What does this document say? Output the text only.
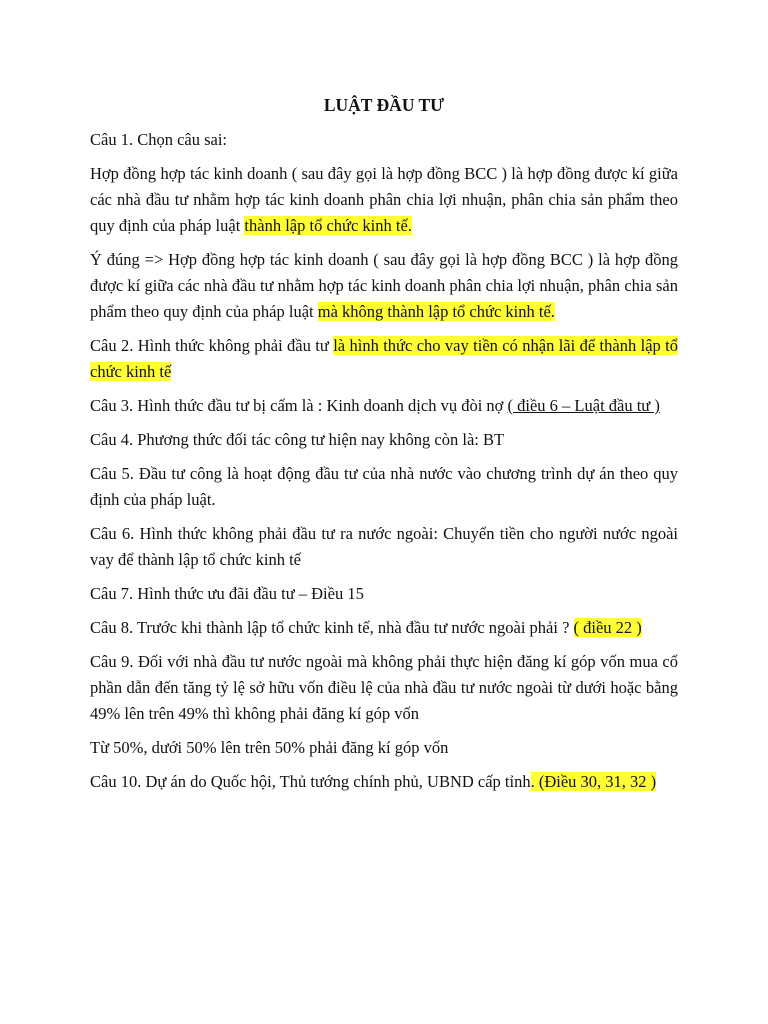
LUẬT ĐẦU TƯ

Câu 1. Chọn câu sai:

Hợp đồng hợp tác kinh doanh ( sau đây gọi là hợp đồng BCC ) là hợp đồng được kí giữa các nhà đầu tư nhằm hợp tác kinh doanh phân chia lợi nhuận, phân chia sản phẩm theo quy định của pháp luật thành lập tổ chức kinh tế.

Ý đúng => Hợp đồng hợp tác kinh doanh ( sau đây gọi là hợp đồng BCC ) là hợp đồng được kí giữa các nhà đầu tư nhằm hợp tác kinh doanh phân chia lợi nhuận, phân chia sản phẩm theo quy định của pháp luật mà không thành lập tổ chức kinh tế.

Câu 2. Hình thức không phải đầu tư là hình thức cho vay tiền có nhận lãi để thành lập tổ chức kinh tế

Câu 3. Hình thức đầu tư bị cấm là : Kinh doanh dịch vụ đòi nợ ( điều 6 – Luật đầu tư )

Câu 4. Phương thức đối tác công tư hiện nay không còn là: BT

Câu 5. Đầu tư công là hoạt động đầu tư của nhà nước vào chương trình dự án theo quy định của pháp luật.

Câu 6. Hình thức không phải đầu tư ra nước ngoài: Chuyển tiền cho người nước ngoài vay để thành lập tổ chức kinh tế

Câu 7. Hình thức ưu đãi đầu tư – Điều 15

Câu 8. Trước khi thành lập tổ chức kinh tế, nhà đầu tư nước ngoài phải ? ( điều 22 )

Câu 9. Đối với nhà đầu tư nước ngoài mà không phải thực hiện đăng kí góp vốn mua cổ phần dẫn đến tăng tỷ lệ sở hữu vốn điều lệ của nhà đầu tư nước ngoài từ dưới hoặc bằng 49% lên trên 49% thì không phải đăng kí góp vốn

Từ 50%, dưới 50% lên trên 50% phải đăng kí góp vốn

Câu 10. Dự án do Quốc hội, Thủ tướng chính phủ, UBND cấp tỉnh. (Điều 30, 31, 32 )
